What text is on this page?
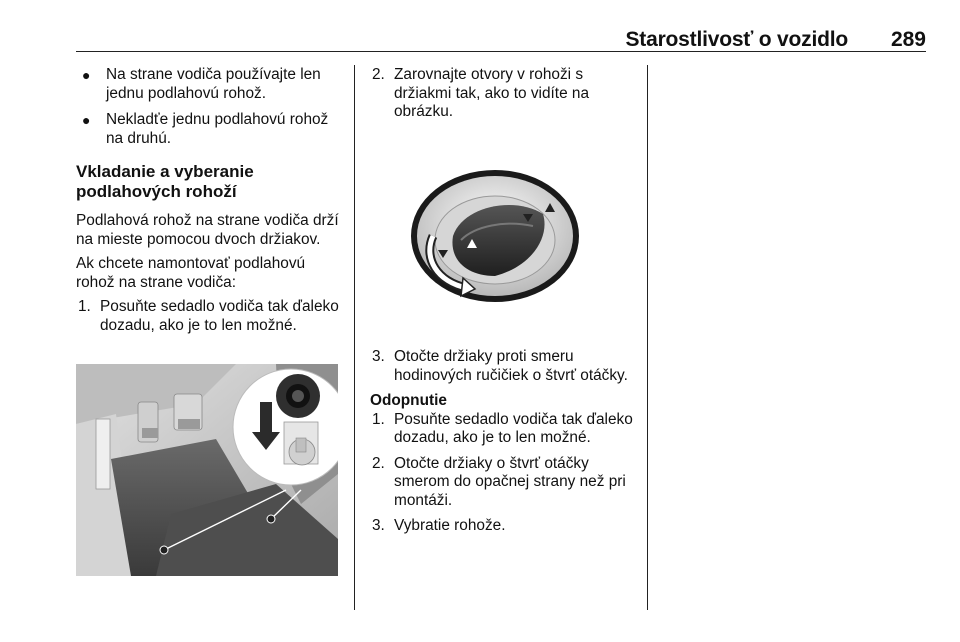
Starostlivosť o vozidlo	289
● Na strane vodiča používajte len jednu podlahovú rohož.
● Nekladťe jednu podlahovú rohož na druhú.
Vkladanie a vyberanie podlahových rohoží
Podlahová rohož na strane vodiča drží na mieste pomocou dvoch držiakov.
Ak chcete namontovať podlahovú rohož na strane vodiča:
1. Posuňte sedadlo vodiča tak ďaleko dozadu, ako je to len možné.
2. Zarovnajte otvory v rohoži s držiakmi tak, ako to vidíte na obrázku.
3. Otočte držiaky proti smeru hodinových ručičiek o štvrť otáčky.
Odopnutie
1. Posuňte sedadlo vodiča tak ďaleko dozadu, ako je to len možné.
2. Otočte držiaky o štvrť otáčky smerom do opačnej strany než pri montáži.
3. Vybratie rohože.
